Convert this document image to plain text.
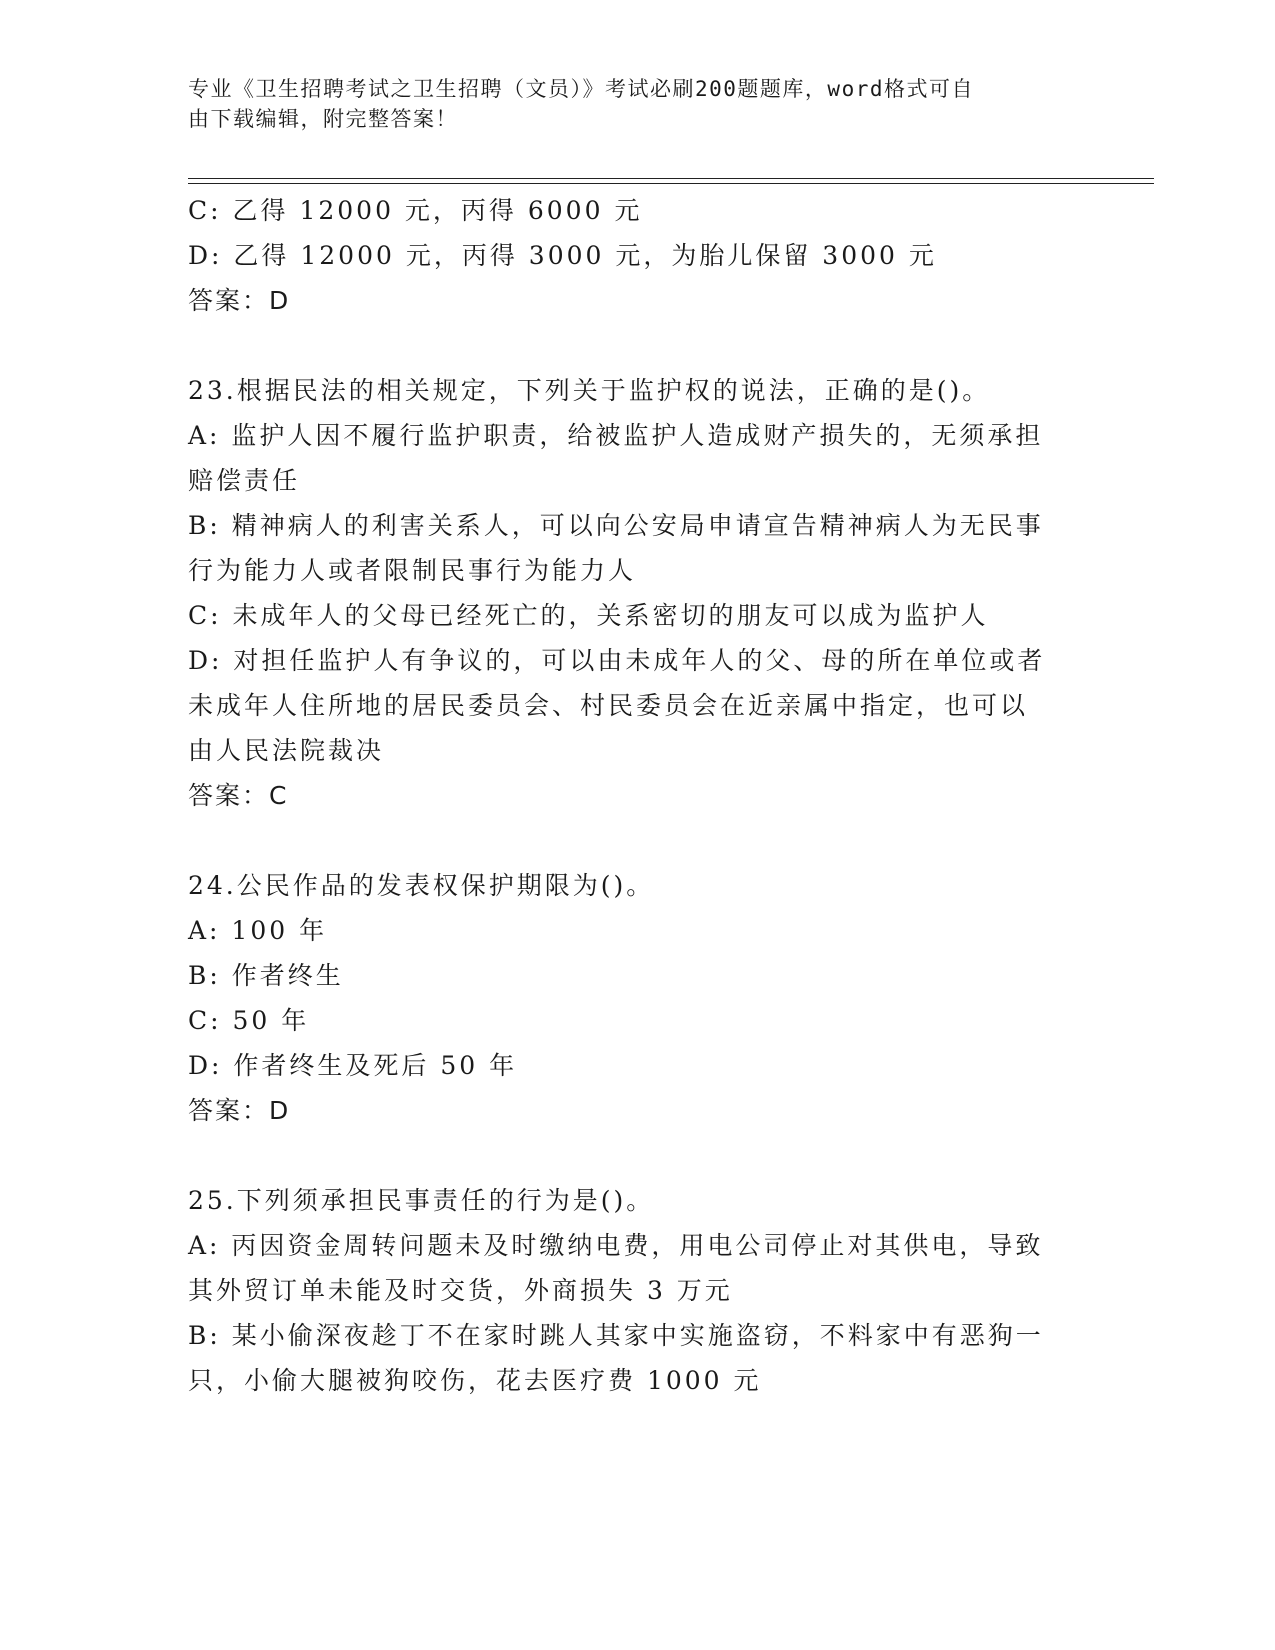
专业《卫生招聘考试之卫生招聘（文员）》考试必刷200题题库，word格式可自
由下载编辑，附完整答案！
C: 乙得 12000 元，丙得 6000 元
D: 乙得 12000 元，丙得 3000 元，为胎儿保留 3000 元
答案：D
23.根据民法的相关规定，下列关于监护权的说法，正确的是()。
A: 监护人因不履行监护职责，给被监护人造成财产损失的，无须承担
赔偿责任
B: 精神病人的利害关系人，可以向公安局申请宣告精神病人为无民事
行为能力人或者限制民事行为能力人
C: 未成年人的父母已经死亡的，关系密切的朋友可以成为监护人
D: 对担任监护人有争议的，可以由未成年人的父、母的所在单位或者
未成年人住所地的居民委员会、村民委员会在近亲属中指定，也可以
由人民法院裁决
答案：C
24.公民作品的发表权保护期限为()。
A: 100 年
B: 作者终生
C: 50 年
D: 作者终生及死后 50 年
答案：D
25.下列须承担民事责任的行为是()。
A: 丙因资金周转问题未及时缴纳电费，用电公司停止对其供电，导致
其外贸订单未能及时交货，外商损失 3 万元
B: 某小偷深夜趁丁不在家时跳人其家中实施盗窃，不料家中有恶狗一
只，小偷大腿被狗咬伤，花去医疗费 1000 元
